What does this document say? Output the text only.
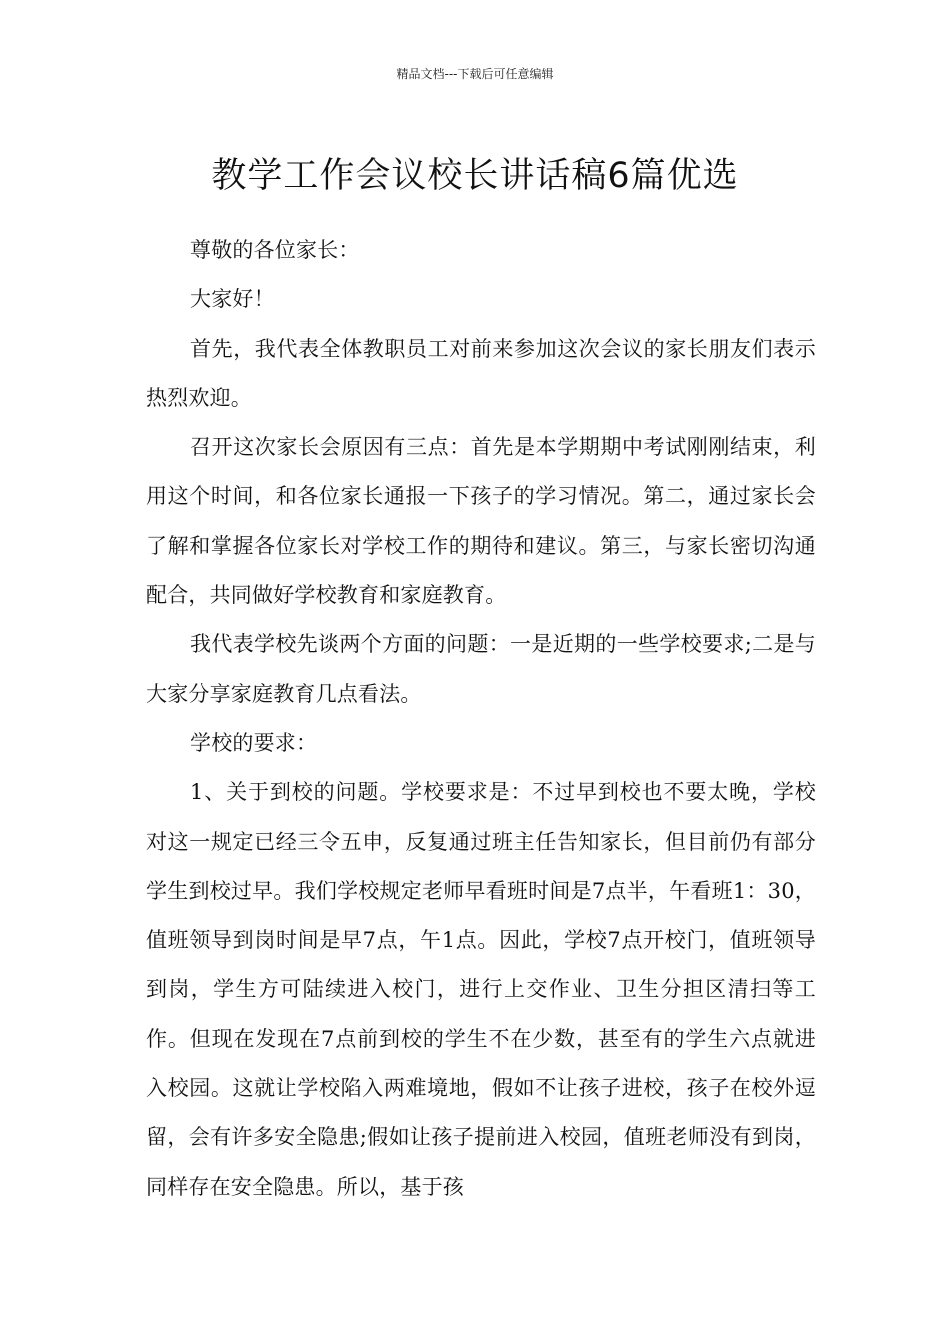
精品文档---下载后可任意编辑
教学工作会议校长讲话稿6篇优选

尊敬的各位家长：

大家好！

首先，我代表全体教职员工对前来参加这次会议的家长朋友们表示热烈欢迎。

召开这次家长会原因有三点：首先是本学期期中考试刚刚结束，利用这个时间，和各位家长通报一下孩子的学习情况。第二，通过家长会了解和掌握各位家长对学校工作的期待和建议。第三，与家长密切沟通配合，共同做好学校教育和家庭教育。

我代表学校先谈两个方面的问题：一是近期的一些学校要求;二是与大家分享家庭教育几点看法。

学校的要求：

1、关于到校的问题。学校要求是：不过早到校也不要太晚，学校对这一规定已经三令五申，反复通过班主任告知家长，但目前仍有部分学生到校过早。我们学校规定老师早看班时间是7点半，午看班1：30，值班领导到岗时间是早7点，午1点。因此，学校7点开校门，值班领导到岗，学生方可陆续进入校门，进行上交作业、卫生分担区清扫等工作。但现在发现在7点前到校的学生不在少数，甚至有的学生六点就进入校园。这就让学校陷入两难境地，假如不让孩子进校，孩子在校外逗留，会有许多安全隐患;假如让孩子提前进入校园，值班老师没有到岗，同样存在安全隐患。所以，基于孩
